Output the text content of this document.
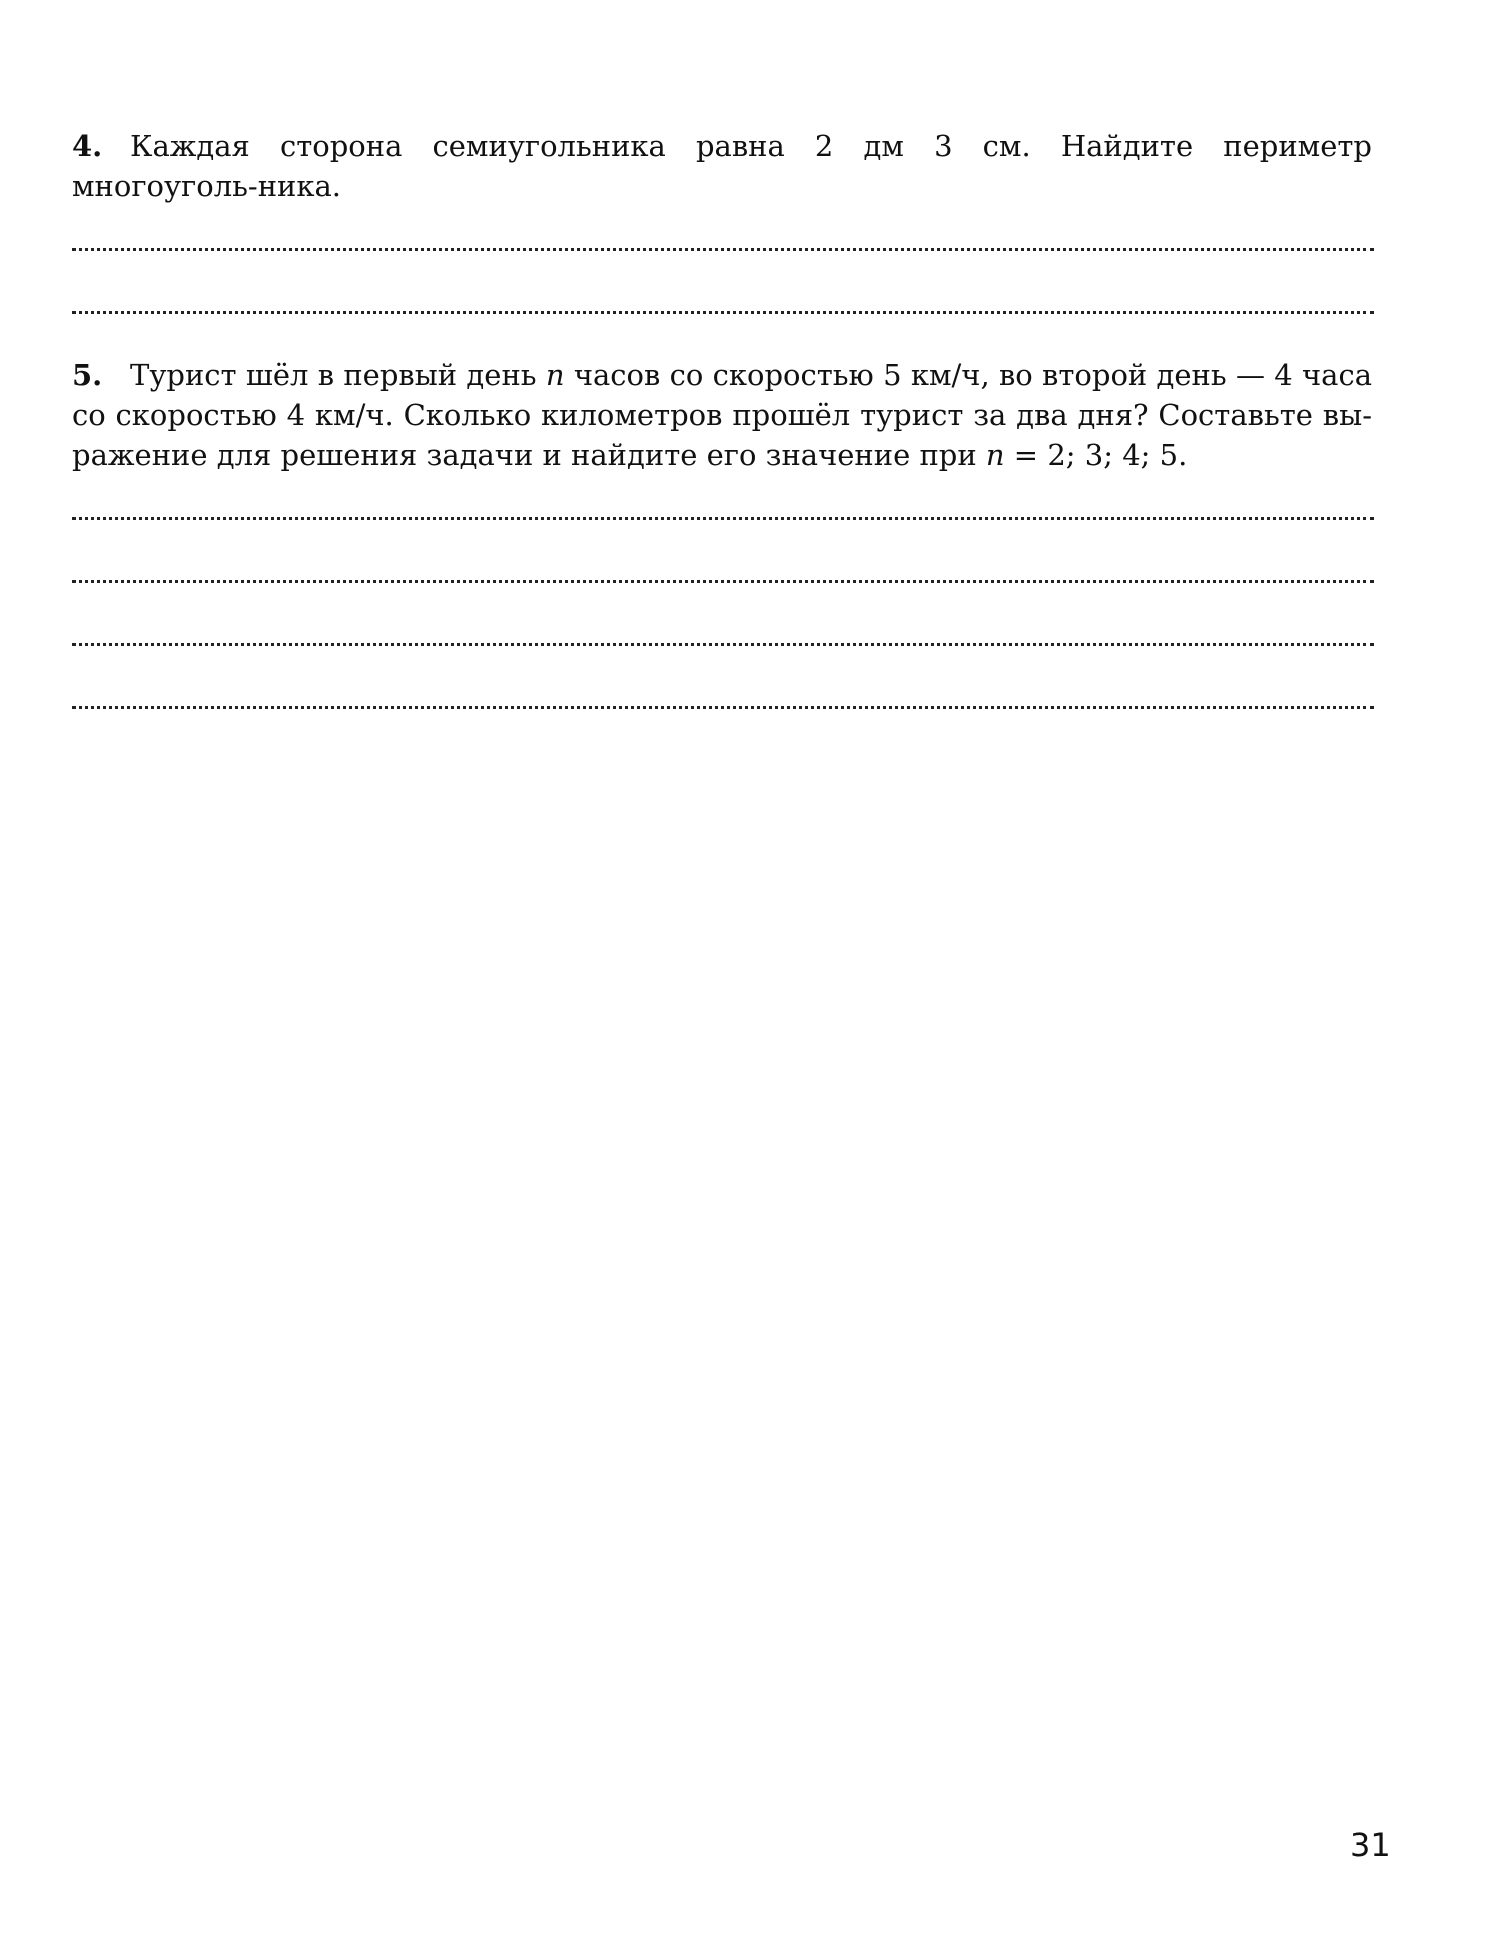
4. Каждая сторона семиугольника равна 2 дм 3 см. Найдите периметр многоуголь-ника.
5. Турист шёл в первый день n часов со скоростью 5 км/ч, во второй день — 4 часа со скоростью 4 км/ч. Сколько километров прошёл турист за два дня? Составьте вы-ражение для решения задачи и найдите его значение при n = 2; 3; 4; 5.
31
